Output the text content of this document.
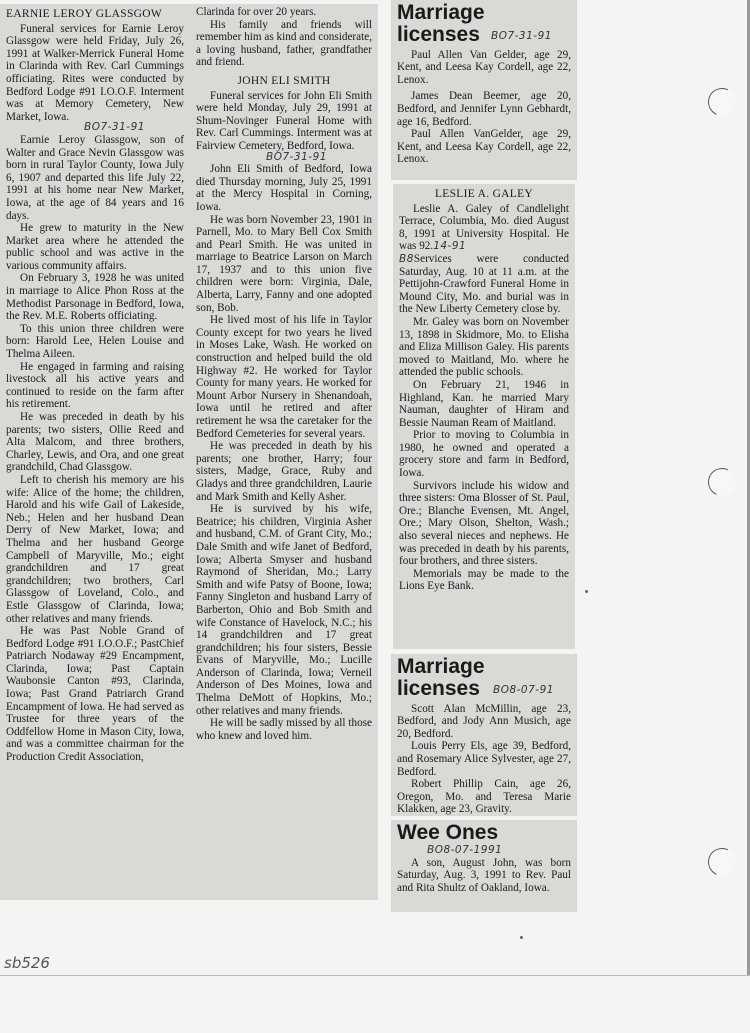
EARNIE LEROY GLASSGOW

Funeral services for Earnie Leroy Glassgow were held Friday, July 26, 1991 at Walker-Merrick Funeral Home in Clarinda with Rev. Carl Cummings officiating. Rites were conducted by Bedford Lodge #91 I.O.O.F. Interment was at Memory Cemetery, New Market, Iowa.

BO7-31-91

Earnie Leroy Glassgow, son of Walter and Grace Nevin Glassgow was born in rural Taylor County, Iowa July 6, 1907 and departed this life July 22, 1991 at his home near New Market, Iowa, at the age of 84 years and 16 days.

He grew to maturity in the New Market area where he attended the public school and was active in the various community affairs.

On February 3, 1928 he was united in marriage to Alice Phon Ross at the Methodist Parsonage in Bedford, Iowa, the Rev. M.E. Roberts officiating.

To this union three children were born: Harold Lee, Helen Louise and Thelma Aileen.

He engaged in farming and raising livestock all his active years and continued to reside on the farm after his retirement.

He was preceded in death by his parents; two sisters, Ollie Reed and Alta Malcom, and three brothers, Charley, Lewis, and Ora, and one great grandchild, Chad Glassgow.

Left to cherish his memory are his wife: Alice of the home; the children, Harold and his wife Gail of Lakeside, Neb.; Helen and her husband Dean Derry of New Market, Iowa; and Thelma and her husband George Campbell of Maryville, Mo.; eight grandchildren and 17 great grandchildren; two brothers, Carl Glassgow of Loveland, Colo., and Estle Glassgow of Clarinda, Iowa; other relatives and many friends.

He was Past Noble Grand of Bedford Lodge #91 I.O.O.F.; PastChief Patriarch Nodaway #29 Encampment, Clarinda, Iowa; Past Captain Waubonsie Canton #93, Clarinda, Iowa; Past Grand Patriarch Grand Encampment of Iowa. He had served as Trustee for three years of the Oddfellow Home in Mason City, Iowa, and was a committee chairman for the Production Credit Association,

Clarinda for over 20 years.

His family and friends will remember him as kind and considerate, a loving husband, father, grandfather and friend.

JOHN ELI SMITH

Funeral services for John Eli Smith were held Monday, July 29, 1991 at Shum-Novinger Funeral Home with Rev. Carl Cummings. Interment was at Fairview Cemetery, Bedford, Iowa.

BO7-31-91

John Eli Smith of Bedford, Iowa died Thursday morning, July 25, 1991 at the Mercy Hospital in Corning, Iowa.

He was born November 23, 1901 in Parnell, Mo. to Mary Bell Cox Smith and Pearl Smith. He was united in marriage to Beatrice Larson on March 17, 1937 and to this union five children were born: Virginia, Dale, Alberta, Larry, Fanny and one adopted son, Bob.

He lived most of his life in Taylor County except for two years he lived in Moses Lake, Wash. He worked on construction and helped build the old Highway #2. He worked for Taylor County for many years. He worked for Mount Arbor Nursery in Shenandoah, Iowa until he retired and after retirement he wsa the caretaker for the Bedford Cemeteries for several years.

He was preceded in death by his parents; one brother, Harry; four sisters, Madge, Grace, Ruby and Gladys and three grandchildren, Laurie and Mark Smith and Kelly Asher.

He is survived by his wife, Beatrice; his children, Virginia Asher and husband, C.M. of Grant City, Mo.; Dale Smith and wife Janet of Bedford, Iowa; Alberta Smyser and husband Raymond of Sheridan, Mo.; Larry Smith and wife Patsy of Boone, Iowa; Fanny Singleton and husband Larry of Barberton, Ohio and Bob Smith and wife Constance of Havelock, N.C.; his 14 grandchildren and 17 great grandchildren; his four sisters, Bessie Evans of Maryville, Mo.; Lucille Anderson of Clarinda, Iowa; Verneil Anderson of Des Moines, Iowa and Thelma DeMott of Hopkins, Mo.; other relatives and many friends.

He will be sadly missed by all those who knew and loved him.

Marriage licenses	BO7-31-91

Paul Allen Van Gelder, age 29, Kent, and Leesa Kay Cordell, age 22, Lenox.

James Dean Beemer, age 20, Bedford, and Jennifer Lynn Gebhardt, age 16, Bedford.

Paul Allen VanGelder, age 29, Kent, and Leesa Kay Cordell, age 22, Lenox.

LESLIE A. GALEY

Leslie A. Galey of Candlelight Terrace, Columbia, Mo. died August 8, 1991 at University Hospital. He was 92.14-91

B8Services were conducted Saturday, Aug. 10 at 11 a.m. at the Pettijohn-Crawford Funeral Home in Mound City, Mo. and burial was in the New Liberty Cemetery close by.

Mr. Galey was born on November 13, 1898 in Skidmore, Mo. to Elisha and Eliza Millison Galey. His parents moved to Maitland, Mo. where he attended the public schools.

On February 21, 1946 in Highland, Kan. he married Mary Nauman, daughter of Hiram and Bessie Nauman Ream of Maitland.

Prior to moving to Columbia in 1980, he owned and operated a grocery store and farm in Bedford, Iowa.

Survivors include his widow and three sisters: Oma Blosser of St. Paul, Ore.; Blanche Evensen, Mt. Angel, Ore.; Mary Olson, Shelton, Wash.; also several nieces and nephews. He was preceded in death by his parents, four brothers, and three sisters.

Memorials may be made to the Lions Eye Bank.

Marriage licenses	BO8-07-91

Scott Alan McMillin, age 23, Bedford, and Jody Ann Musich, age 20, Bedford.

Louis Perry Els, age 39, Bedford, and Rosemary Alice Sylvester, age 27, Bedford.

Robert Phillip Cain, age 26, Oregon, Mo. and Teresa Marie Klakken, age 23, Gravity.

Wee Ones
BO8-07-1991

A son, August John, was born Saturday, Aug. 3, 1991 to Rev. Paul and Rita Shultz of Oakland, Iowa.

sb526
